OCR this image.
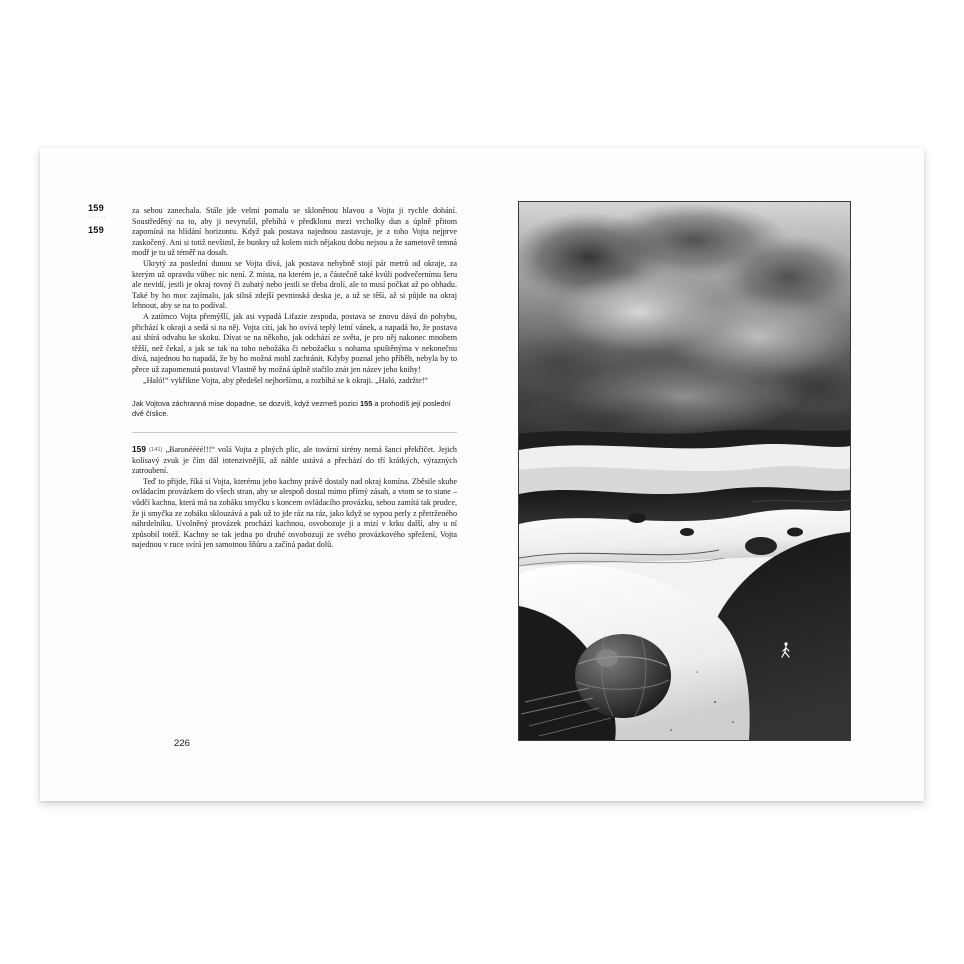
za sebou zanechala. Stále jde velmi pomalu se skloněnou hlavou a Vojta ji rychle dohání. Soustředěný na to, aby ji nevyrušil, přebíhá v předklonu mezi vrcholky dun a úplně přitom zapomíná na hlídání horizontu. Když pak postava najednou zastavuje, je z toho Vojta nejprve zaskočený. Ani si totiž nevšiml, že bunkry už kolem nich nějakou dobu nejsou a že sametově temná modř je tu už téměř na dosah.

159
·····
159

Ukrytý za poslední dunou se Vojta dívá, jak postava nehybně stojí pár metrů od okraje, za kterým už opravdu vůbec nic není. Z místa, na kterém je, a částečně také kvůli podvečernímu šeru ale nevidí, jestli je okraj rovný či zubatý nebo jestli se třeba drolí, ale to musí počkat až po obhadu. Také by ho moc zajímalo, jak silná zdejší pevninská deska je, a už se těší, až si půjde na okraj lehnout, aby se na to podíval.

A zatímco Vojta přemýšlí, jak asi vypadá Lifazie zespoda, postava se znovu dává do pohybu, přichází k okraji a sedá si na něj. Vojta cítí, jak ho ovívá teplý letní vánek, a napadá ho, že postava asi sbírá odvahu ke skoku. Dívat se na někoho, jak odchází ze světa, je pro něj nakonec mnohem těžší, než čekal, a jak se tak na toho nebožáka či nebožačku s nohama spuštěnýma v nekonečnu dívá, najednou ho napadá, že by ho možná mohl zachránit. Kdyby poznal jeho příběh, nebyla by to přece už zapomenutá postava! Vlastně by možná úplně stačilo znát jen název jeho knihy!

„Haló!“ vykřikne Vojta, aby předešel nejhoršímu, a rozbíhá se k okraji. „Haló, zadržte!“

Jak Vojtova záchranná mise dopadne, se dozvíš, když vezmeš pozici 155 a prohodíš její poslední dvě číslice.

159 (141) „Baronéééé!!!“ volá Vojta z plných plic, ale tovární sirény nemá šanci překřičet. Jejich kolísavý zvuk je čím dál intenzivnější, až náhle ustává a přechází do tří krátkých, výrazných zatroubení.

Teď to přijde, říká si Vojta, kterému jeho kachny právě dostaly nad okraj komína. Zběsile skube ovládacím provázkem do všech stran, aby se alespoň dostal mimo přímý zásah, a vtom se to stane – vůdčí kachna, která má na zobáku smyčku s koncem ovládacího provázku, sebou zamítá tak prudce, že ji smyčka ze zobáku sklouzává a pak už to jde ráz na ráz, jako když se sypou perly z přetrženého náhrdelníku. Uvolněný provázek prochází kachnou, osvobozuje ji a mizí v krku další, aby u ní způsobil totéž. Kachny se tak jedna po druhé osvobozují ze svého provázkového spřežení, Vojta najednou v ruce svírá jen samotnou šňůru a začíná padat dolů.

226
